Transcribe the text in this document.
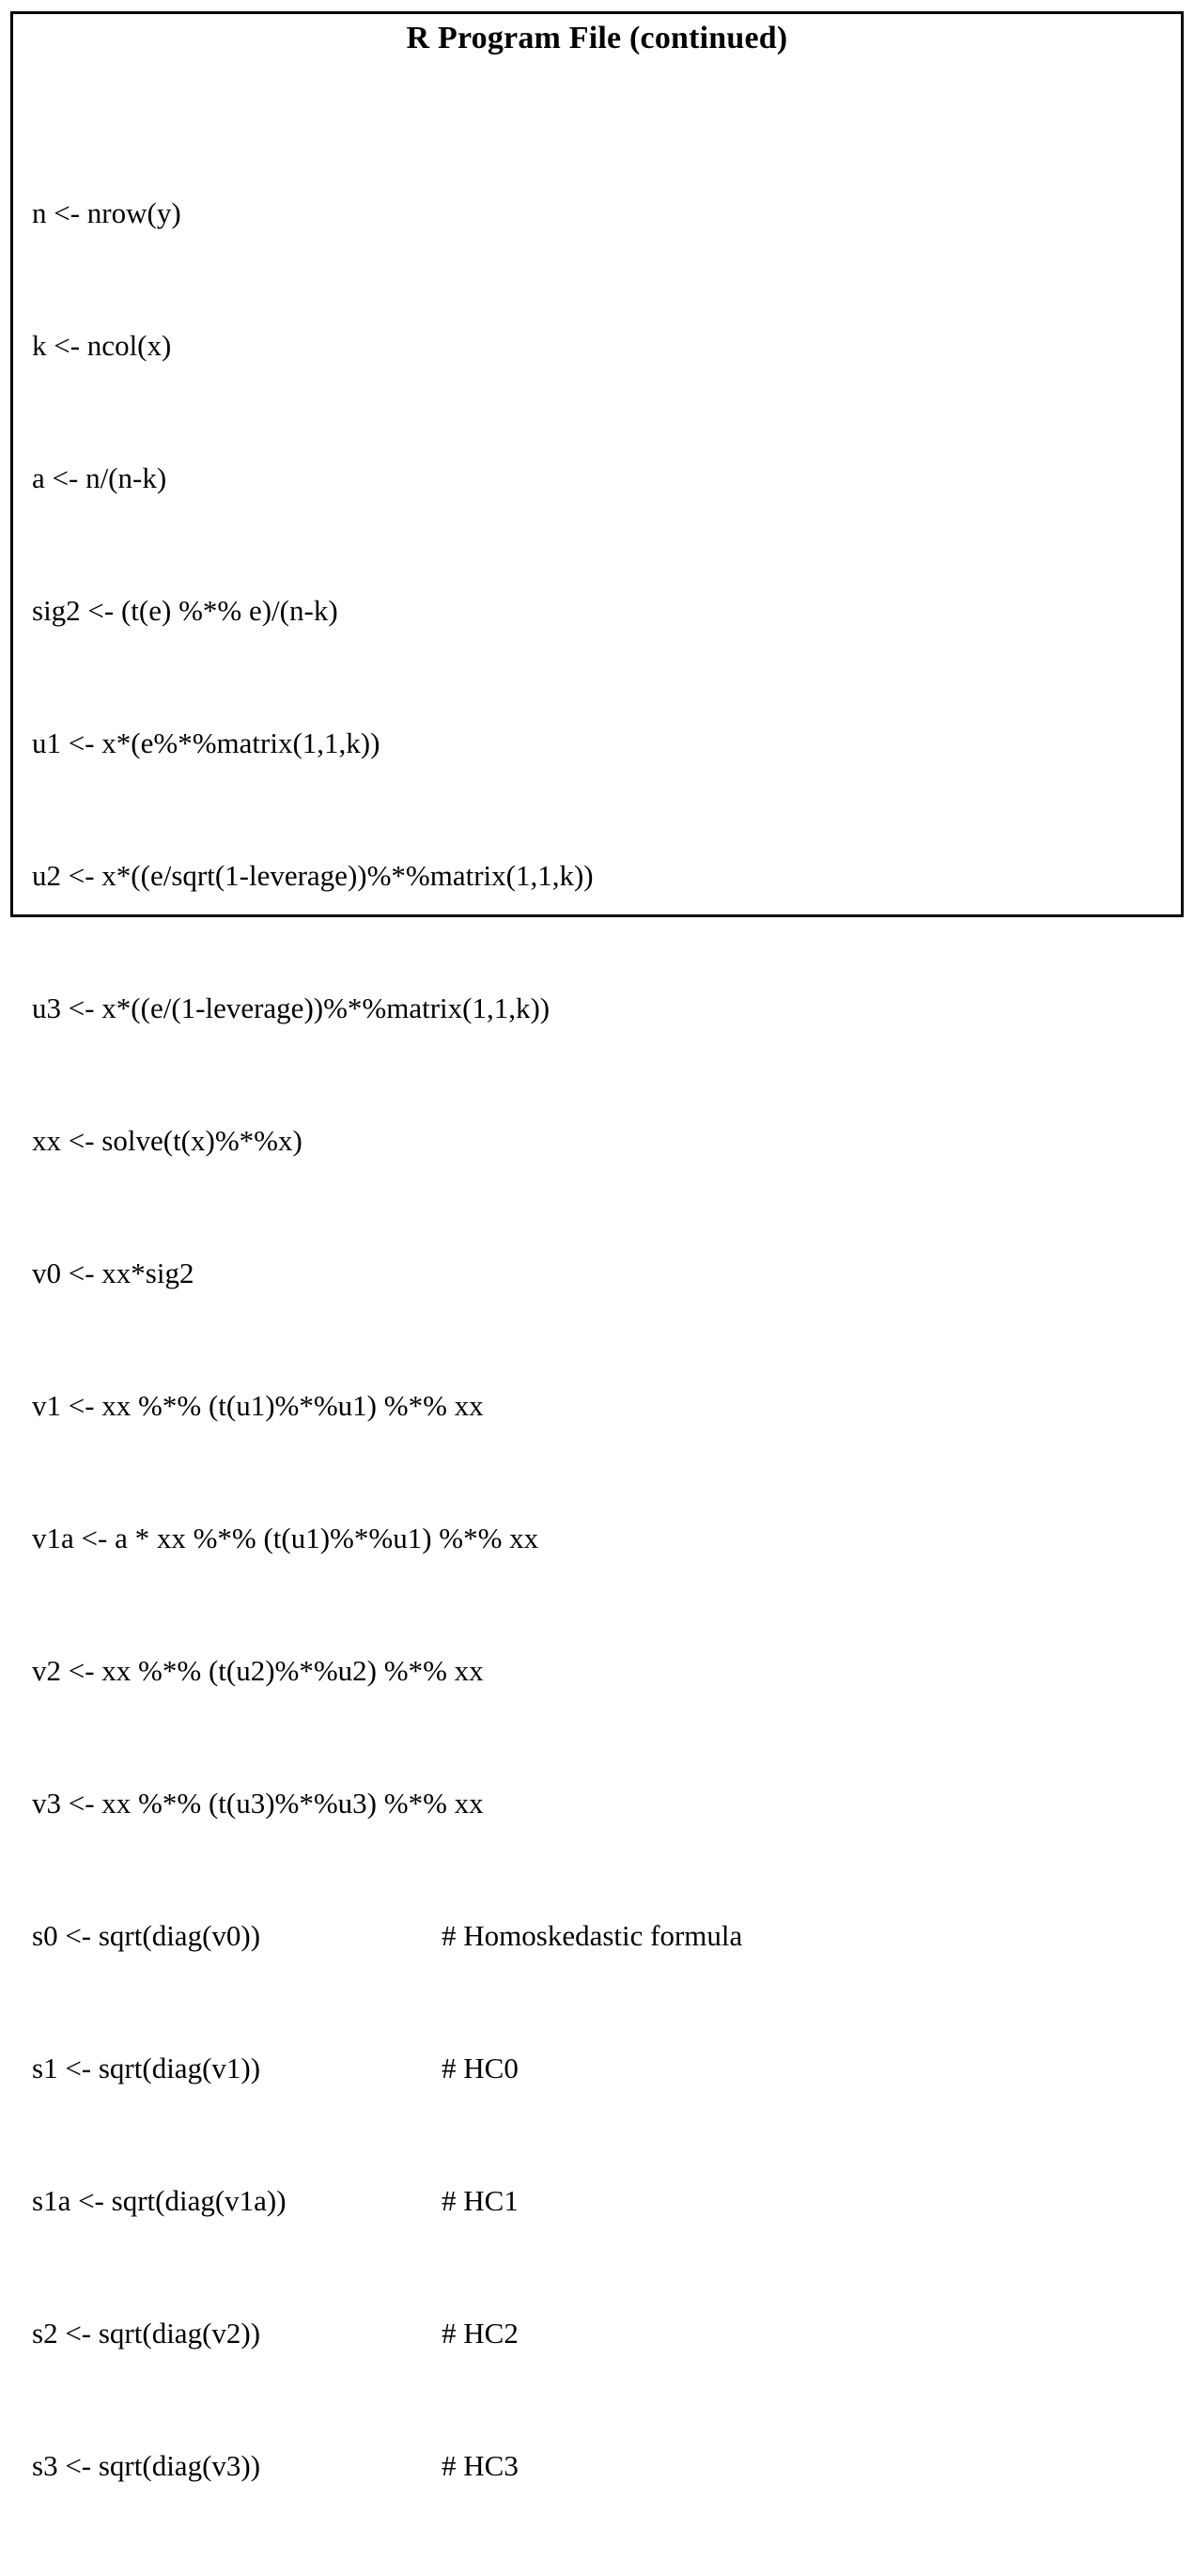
R Program File (continued)

n <- nrow(y)

k <- ncol(x)

a <- n/(n-k)

sig2 <- (t(e) %*% e)/(n-k)

u1 <- x*(e%*%matrix(1,1,k))

u2 <- x*((e/sqrt(1-leverage))%*%matrix(1,1,k))

u3 <- x*((e/(1-leverage))%*%matrix(1,1,k))

xx <- solve(t(x)%*%x)

v0 <- xx*sig2

v1 <- xx %*% (t(u1)%*%u1) %*% xx

v1a <- a * xx %*% (t(u1)%*%u1) %*% xx

v2 <- xx %*% (t(u2)%*%u2) %*% xx

v3 <- xx %*% (t(u3)%*%u3) %*% xx

s0 <- sqrt(diag(v0))	# Homoskedastic formula

s1 <- sqrt(diag(v1))	# HC0

s1a <- sqrt(diag(v1a))	# HC1

s2 <- sqrt(diag(v2))	# HC2

s3 <- sqrt(diag(v3))	# HC3
